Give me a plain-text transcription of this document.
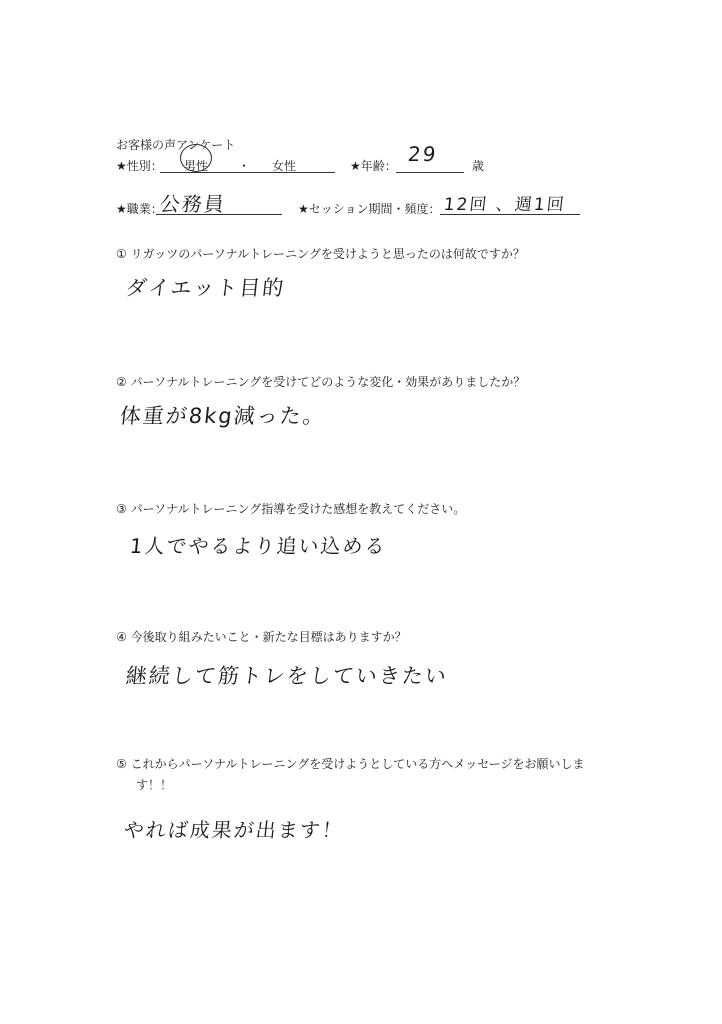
お客様の声アンケート
★性別： 男性 ・ 女性	★年齢： 29	歳
★職業：
公務員	★セッション期間・頻度： 12回 、週1回
① リガッツのパーソナルトレーニングを受けようと思ったのは何故ですか？
ダイエット目的
② パーソナルトレーニングを受けてどのような変化・効果がありましたか？
体重が8kg減った。
③ パーソナルトレーニング指導を受けた感想を教えてください。
1人でやるより追い込める
④ 今後取り組みたいこと・新たな目標はありますか？
継続して筋トレをしていきたい
⑤ これからパーソナルトレーニングを受けようとしている方へメッセージをお願いしま
す！！
やれば成果が出ます！
